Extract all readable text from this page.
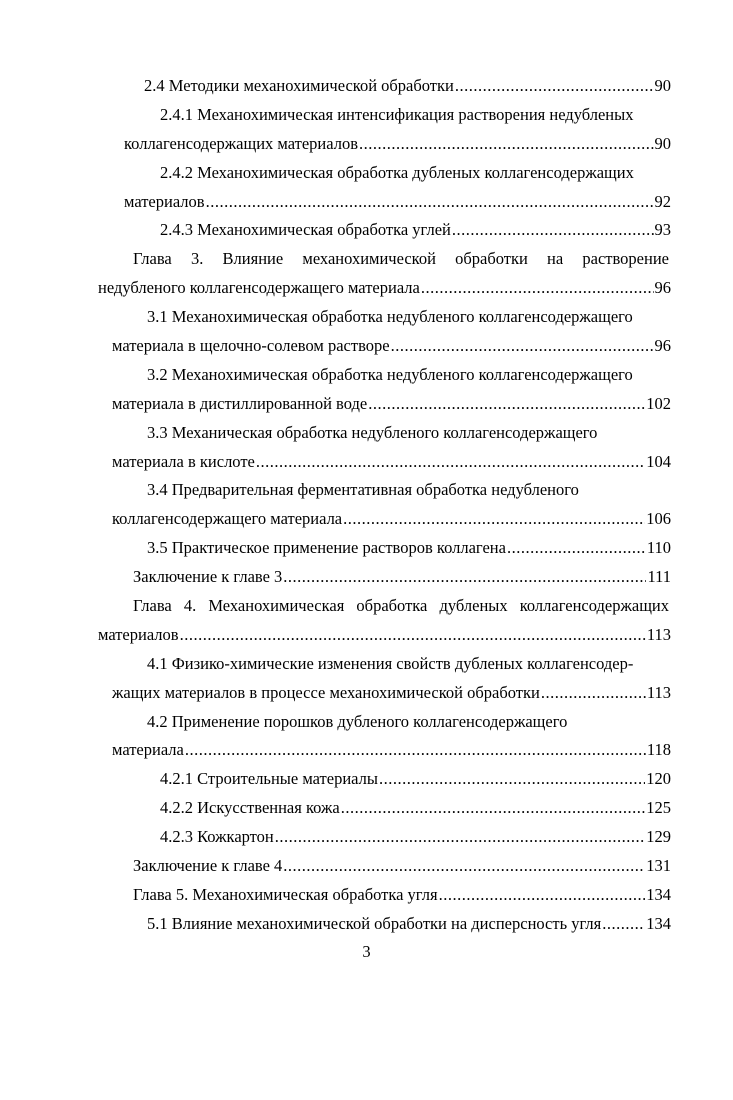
2.4 Методики механохимической обработки .....	90
2.4.1 Механохимическая интенсификация растворения недубленых
коллагенсодержащих материалов .....	90
2.4.2 Механохимическая обработка дубленых коллагенсодержащих
материалов .....	92
2.4.3 Механохимическая обработка углей .....	93
Глава 3. Влияние механохимической обработки на растворение
недубленого коллагенсодержащего материала .....	96
3.1 Механохимическая обработка недубленого коллагенсодержащего
материала в щелочно-солевом растворе .....	96
3.2 Механохимическая обработка недубленого коллагенсодержащего
материала в дистиллированной воде .....	102
3.3 Механическая обработка недубленого коллагенсодержащего
материала в кислоте .....	104
3.4 Предварительная ферментативная обработка недубленого
коллагенсодержащего материала .....	106
3.5 Практическое применение растворов коллагена .....	110
Заключение к главе 3 .....	111
Глава 4. Механохимическая обработка дубленых коллагенсодержащих
материалов .....	113
4.1 Физико-химические изменения свойств дубленых коллагенсодер-
жащих материалов в процессе механохимической обработки .....	113
4.2 Применение порошков дубленого коллагенсодержащего
материала .....	118
4.2.1 Строительные материалы .....	120
4.2.2 Искусственная кожа .....	125
4.2.3 Кожкартон .....	129
Заключение к главе 4 .....	131
Глава 5. Механохимическая обработка угля .....	134
5.1 Влияние механохимической обработки на дисперсность угля .....	134
3
